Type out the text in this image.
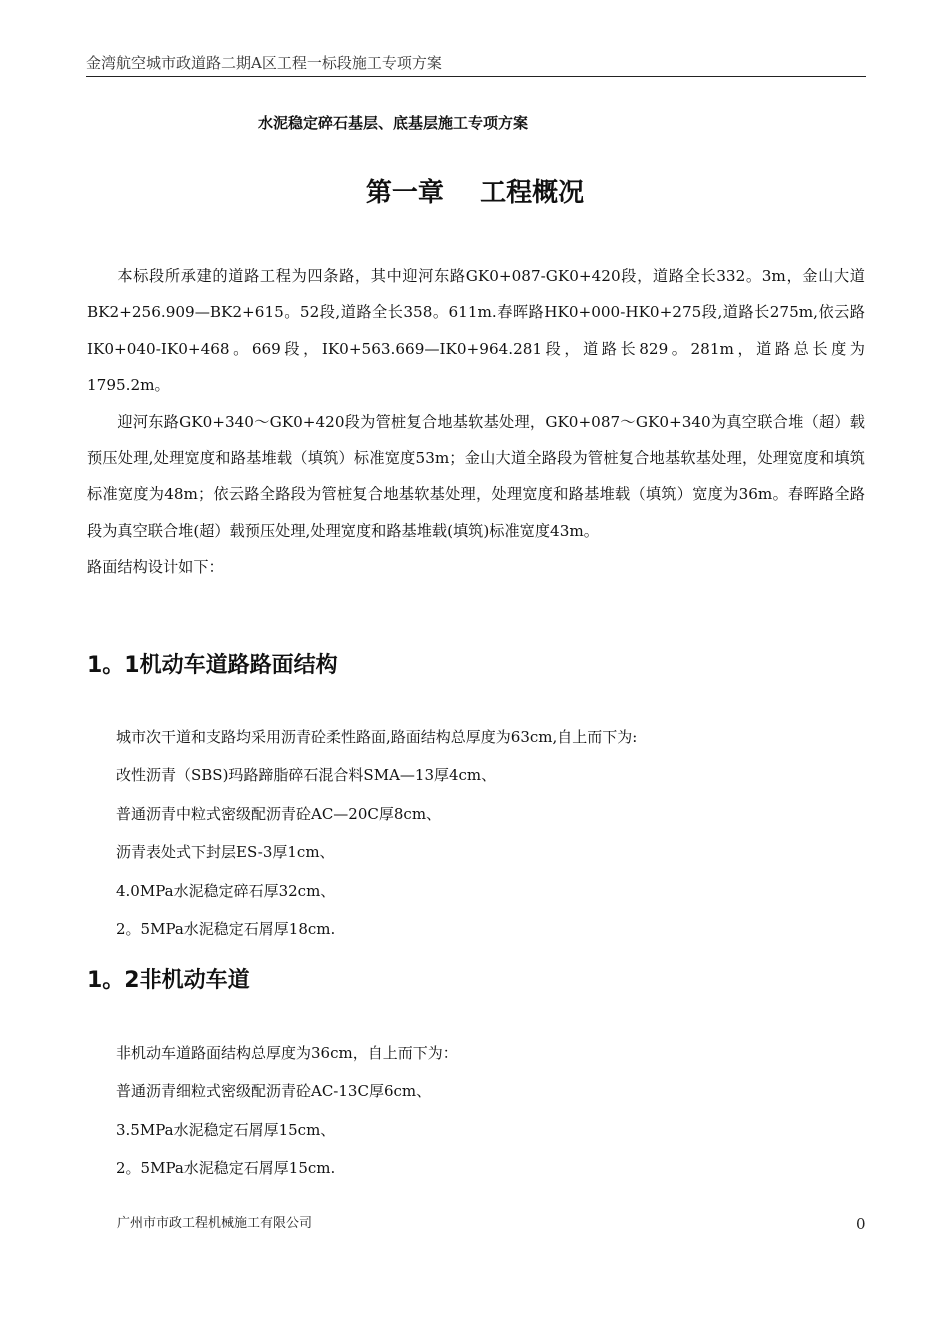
金湾航空城市政道路二期A区工程一标段施工专项方案
水泥稳定碎石基层、底基层施工专项方案
第一章    工程概况

本标段所承建的道路工程为四条路，其中迎河东路GK0+087-GK0+420段，道路全长332。3m，金山大道 BK2+256.909—BK2+615。52段,道路全长358。611m.春晖路HK0+000-HK0+275段,道路长275m,依云路IK0+040-IK0+468。669段，IK0+563.669—IK0+964.281段，道路长829。281m，道路总长度为1795.2m。

迎河东路GK0+340～GK0+420段为管桩复合地基软基处理，GK0+087～GK0+340为真空联合堆（超）载预压处理,处理宽度和路基堆载（填筑）标准宽度53m；金山大道全路段为管桩复合地基软基处理，处理宽度和填筑标准宽度为48m；依云路全路段为管桩复合地基软基处理，处理宽度和路基堆载（填筑）宽度为36m。春晖路全路段为真空联合堆(超）载预压处理,处理宽度和路基堆载(填筑)标准宽度43m。

路面结构设计如下：

1。1机动车道路路面结构
城市次干道和支路均采用沥青砼柔性路面,路面结构总厚度为63cm,自上而下为:
改性沥青（SBS)玛路蹄脂碎石混合料SMA—13厚4cm、
普通沥青中粒式密级配沥青砼AC—20C厚8cm、
沥青表处式下封层ES-3厚1cm、
4.0MPa水泥稳定碎石厚32cm、
2。5MPa水泥稳定石屑厚18cm.
1。2非机动车道
非机动车道路面结构总厚度为36cm，自上而下为：
普通沥青细粒式密级配沥青砼AC-13C厚6cm、
3.5MPa水泥稳定石屑厚15cm、
2。5MPa水泥稳定石屑厚15cm.
广州市市政工程机械施工有限公司	0
